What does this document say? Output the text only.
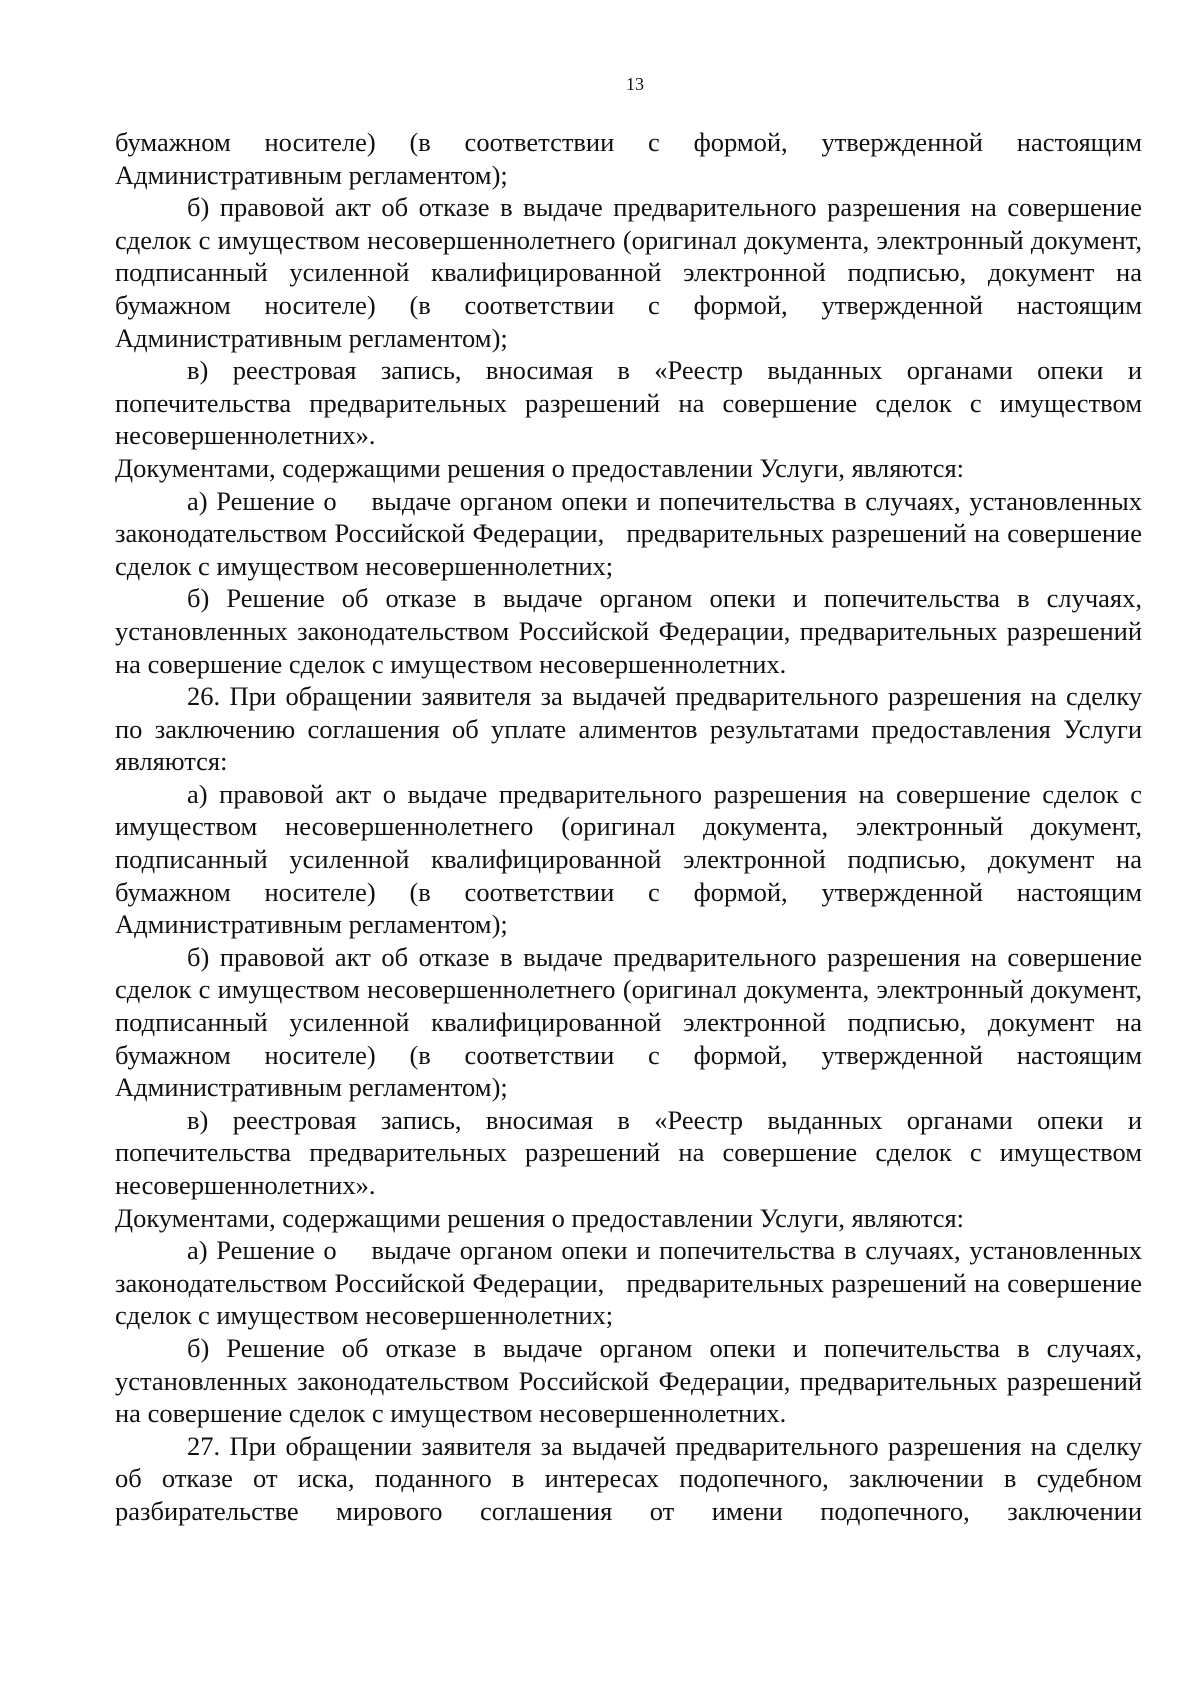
13

бумажном носителе) (в соответствии с формой, утвержденной настоящим Административным регламентом);

б) правовой акт об отказе в выдаче предварительного разрешения на совершение сделок с имуществом несовершеннолетнего (оригинал документа, электронный документ, подписанный усиленной квалифицированной электронной подписью, документ на бумажном носителе) (в соответствии с формой, утвержденной настоящим Административным регламентом);

в) реестровая запись, вносимая в «Реестр выданных органами опеки и попечительства предварительных разрешений на совершение сделок с имуществом несовершеннолетних».

Документами, содержащими решения о предоставлении Услуги, являются:

а) Решение о    выдаче органом опеки и попечительства в случаях, установленных законодательством Российской Федерации,   предварительных разрешений на совершение сделок с имуществом несовершеннолетних;

б) Решение об отказе в выдаче органом опеки и попечительства в случаях, установленных законодательством Российской Федерации, предварительных разрешений на совершение сделок с имуществом несовершеннолетних.

26. При обращении заявителя за выдачей предварительного разрешения на сделку по заключению соглашения об уплате алиментов результатами предоставления Услуги являются:

а) правовой акт о выдаче предварительного разрешения на совершение сделок с имуществом несовершеннолетнего (оригинал документа, электронный документ, подписанный усиленной квалифицированной электронной подписью, документ на бумажном носителе) (в соответствии с формой, утвержденной настоящим Административным регламентом);

б) правовой акт об отказе в выдаче предварительного разрешения на совершение сделок с имуществом несовершеннолетнего (оригинал документа, электронный документ, подписанный усиленной квалифицированной электронной подписью, документ на бумажном носителе) (в соответствии с формой, утвержденной настоящим Административным регламентом);

в) реестровая запись, вносимая в «Реестр выданных органами опеки и попечительства предварительных разрешений на совершение сделок с имуществом несовершеннолетних».

Документами, содержащими решения о предоставлении Услуги, являются:

а) Решение о    выдаче органом опеки и попечительства в случаях, установленных законодательством Российской Федерации,   предварительных разрешений на совершение сделок с имуществом несовершеннолетних;

б) Решение об отказе в выдаче органом опеки и попечительства в случаях, установленных законодательством Российской Федерации, предварительных разрешений на совершение сделок с имуществом несовершеннолетних.

27. При обращении заявителя за выдачей предварительного разрешения на сделку об отказе от иска, поданного в интересах подопечного, заключении в судебном разбирательстве мирового соглашения от имени подопечного, заключении
